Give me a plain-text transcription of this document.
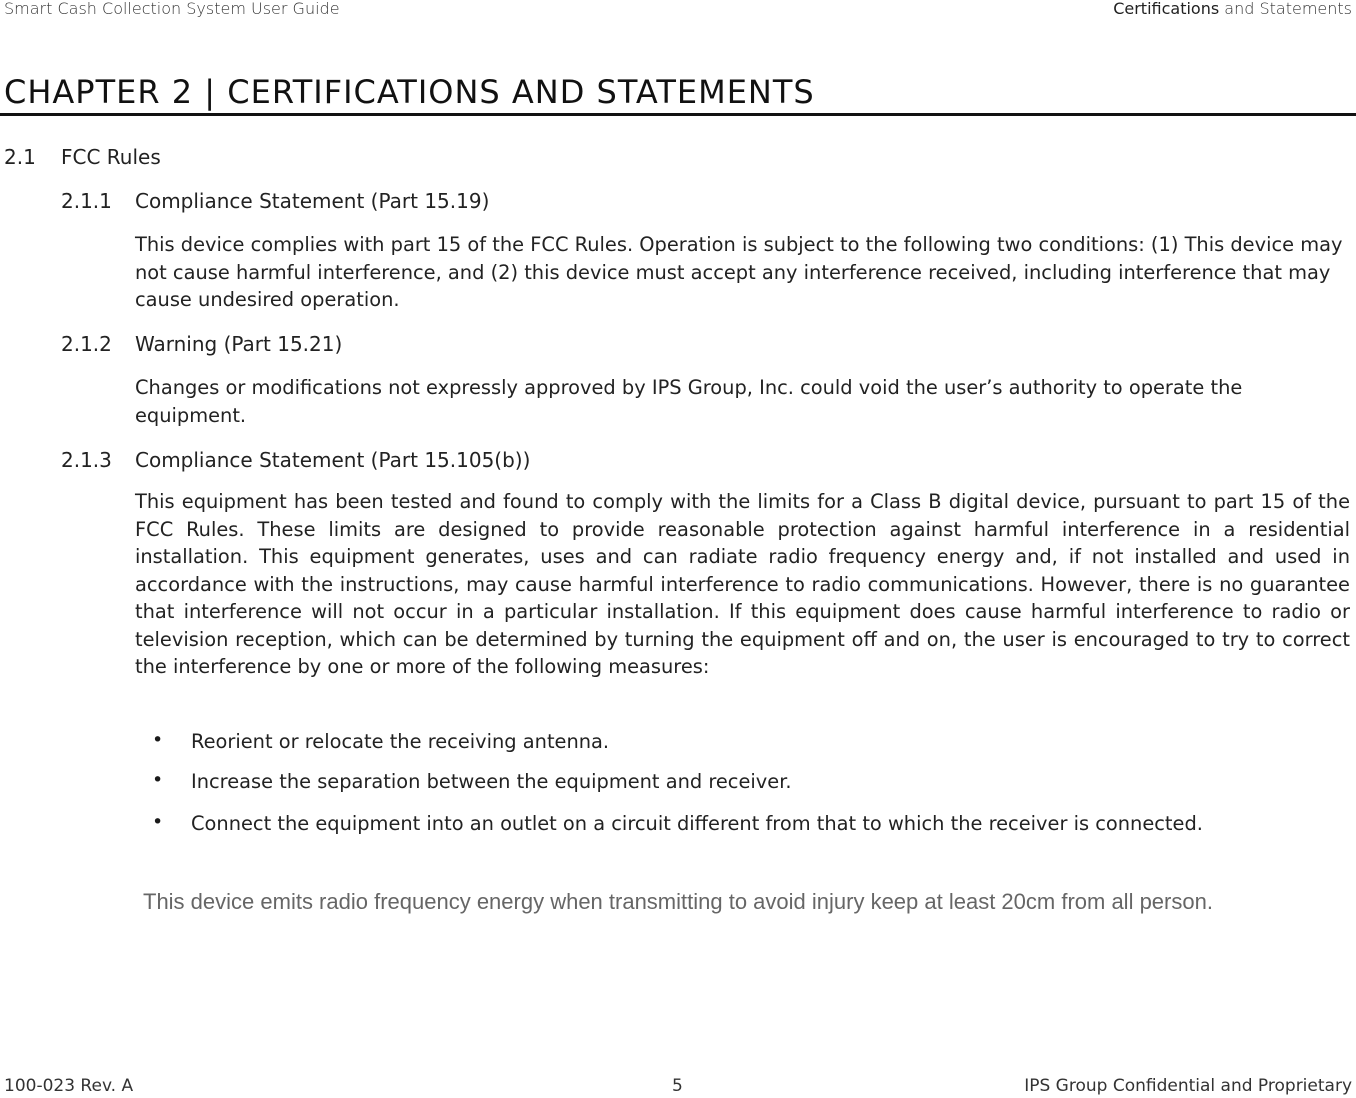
Smart Cash Collection System User Guide	Certifications and Statements
CHAPTER 2 | CERTIFICATIONS AND STATEMENTS
2.1 FCC Rules
2.1.1 Compliance Statement (Part 15.19)
This device complies with part 15 of the FCC Rules. Operation is subject to the following two conditions: (1) This device may not cause harmful interference, and (2) this device must accept any interference received, including interference that may cause undesired operation.
2.1.2 Warning (Part 15.21)
Changes or modifications not expressly approved by IPS Group, Inc. could void the user’s authority to operate the equipment.
2.1.3 Compliance Statement (Part 15.105(b))
This equipment has been tested and found to comply with the limits for a Class B digital device, pursuant to part 15 of the FCC Rules. These limits are designed to provide reasonable protection against harmful interference in a residential installation. This equipment generates, uses and can radiate radio frequency energy and, if not installed and used in accordance with the instructions, may cause harmful interference to radio communications. However, there is no guarantee that interference will not occur in a particular installation. If this equipment does cause harmful interference to radio or television reception, which can be determined by turning the equipment off and on, the user is encouraged to try to correct the interference by one or more of the following measures:
• Reorient or relocate the receiving antenna.
• Increase the separation between the equipment and receiver.
• Connect the equipment into an outlet on a circuit different from that to which the receiver is connected.
This device emits radio frequency energy when transmitting to avoid injury keep at least 20cm from all person.
100-023 Rev. A	5	IPS Group Confidential and Proprietary
